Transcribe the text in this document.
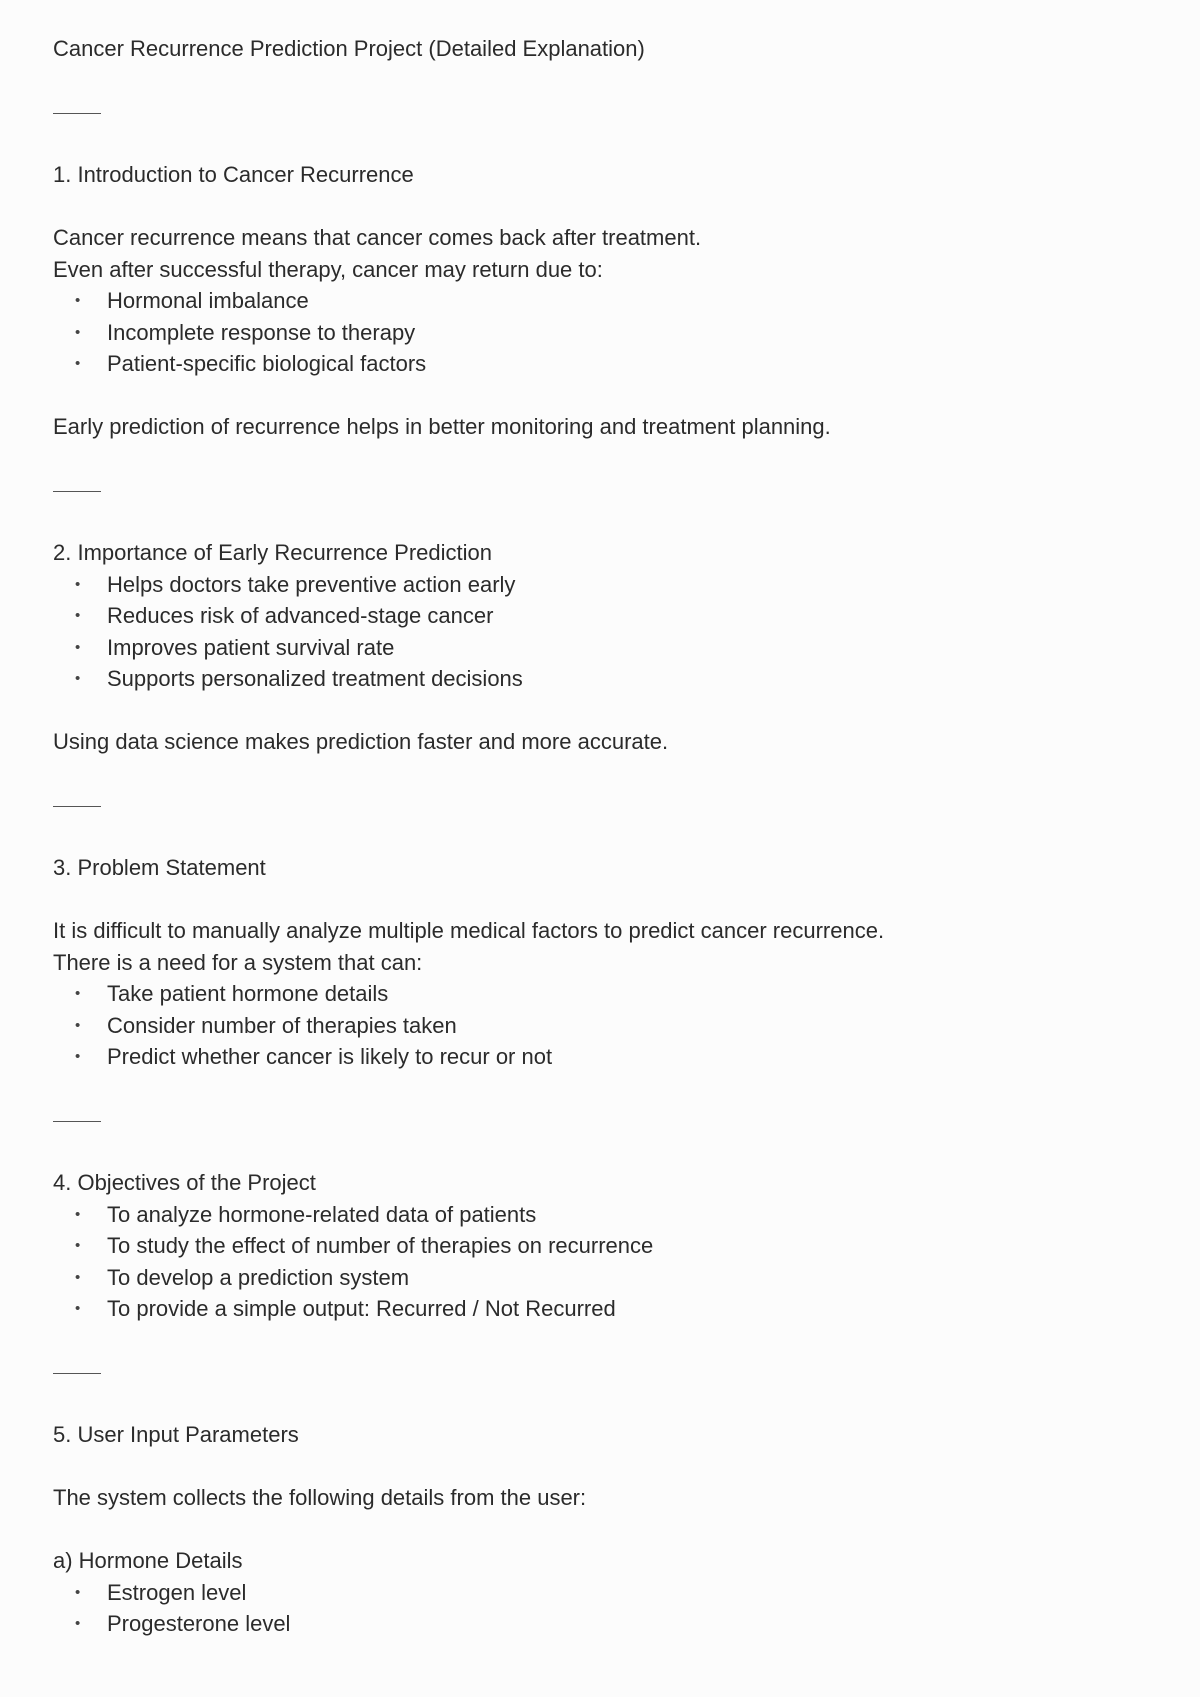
Cancer Recurrence Prediction Project (Detailed Explanation)
1. Introduction to Cancer Recurrence
Cancer recurrence means that cancer comes back after treatment.
Even after successful therapy, cancer may return due to:
• Hormonal imbalance
• Incomplete response to therapy
• Patient-specific biological factors
Early prediction of recurrence helps in better monitoring and treatment planning.
2. Importance of Early Recurrence Prediction
• Helps doctors take preventive action early
• Reduces risk of advanced-stage cancer
• Improves patient survival rate
• Supports personalized treatment decisions
Using data science makes prediction faster and more accurate.
3. Problem Statement
It is difficult to manually analyze multiple medical factors to predict cancer recurrence.
There is a need for a system that can:
• Take patient hormone details
• Consider number of therapies taken
• Predict whether cancer is likely to recur or not
4. Objectives of the Project
• To analyze hormone-related data of patients
• To study the effect of number of therapies on recurrence
• To develop a prediction system
• To provide a simple output: Recurred / Not Recurred
5. User Input Parameters
The system collects the following details from the user:
a) Hormone Details
• Estrogen level
• Progesterone level
